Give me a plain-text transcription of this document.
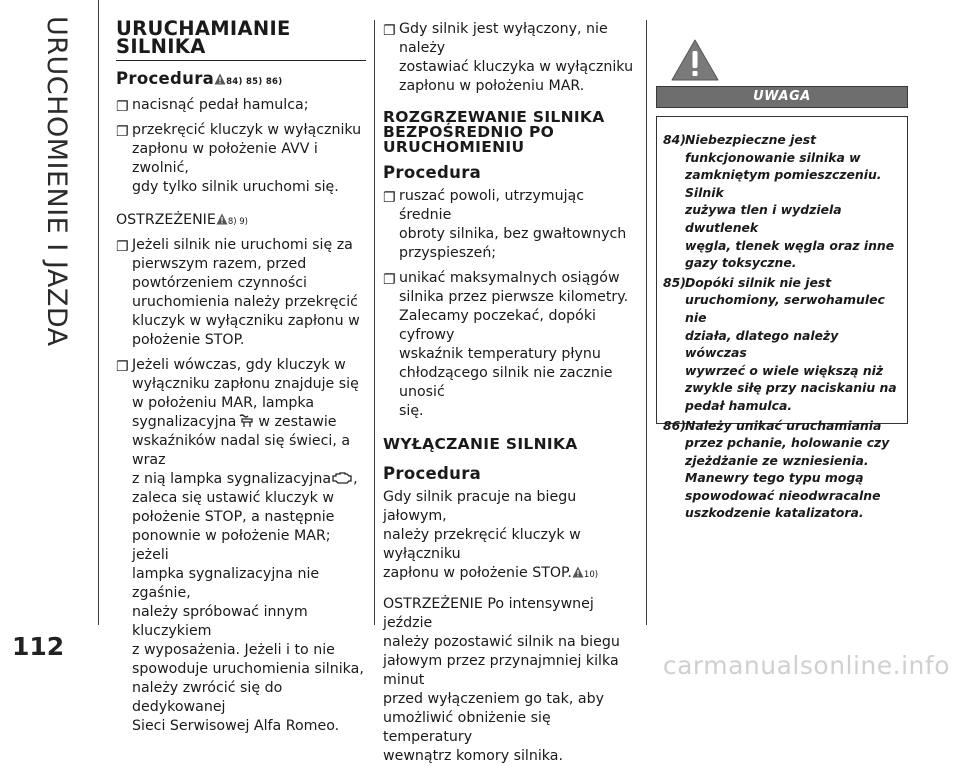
URUCHOMIENIE I JAZDA
112
URUCHAMIANIE
SILNIKA
Procedura 84) 85) 86)
❐ nacisnąć pedał hamulca;
❐ przekręcić kluczyk w wyłączniku
zapłonu w położenie AVV i zwolnić,
gdy tylko silnik uruchomi się.

OSTRZEŻENIE 8) 9)

❐ Jeżeli silnik nie uruchomi się za
pierwszym razem, przed
powtórzeniem czynności
uruchomienia należy przekręcić
kluczyk w wyłączniku zapłonu w
położenie STOP.
❐ Jeżeli wówczas, gdy kluczyk w
wyłączniku zapłonu znajduje się
w położeniu MAR, lampka
sygnalizacyjna w zestawie
wskaźników nadal się świeci, a wraz
z nią lampka sygnalizacyjna ,
zaleca się ustawić kluczyk w
położenie STOP, a następnie
ponownie w położenie MAR; jeżeli
lampka sygnalizacyjna nie zgaśnie,
należy spróbować innym kluczykiem
z wyposażenia. Jeżeli i to nie
spowoduje uruchomienia silnika,
należy zwrócić się do dedykowanej
Sieci Serwisowej Alfa Romeo.
❐ Gdy silnik jest wyłączony, nie należy
zostawiać kluczyka w wyłączniku
zapłonu w położeniu MAR.
ROZGRZEWANIE SILNIKA
BEZPOŚREDNIO PO
URUCHOMIENIU
Procedura
❐ ruszać powoli, utrzymując średnie
obroty silnika, bez gwałtownych
przyspieszeń;
❐ unikać maksymalnych osiągów
silnika przez pierwsze kilometry.
Zalecamy poczekać, dopóki cyfrowy
wskaźnik temperatury płynu
chłodzącego silnik nie zacznie unosić
się.
WYŁĄCZANIE SILNIKA
Procedura

Gdy silnik pracuje na biegu jałowym,
należy przekręcić kluczyk w wyłączniku
zapłonu w położenie STOP. 10)

OSTRZEŻENIE Po intensywnej jeździe
należy pozostawić silnik na biegu
jałowym przez przynajmniej kilka minut
przed wyłączeniem go tak, aby
umożliwić obniżenie się temperatury
wewnątrz komory silnika.

UWAGA
84) Niebezpieczne jest
funkcjonowanie silnika w
zamkniętym pomieszczeniu. Silnik
zużywa tlen i wydziela dwutlenek
węgla, tlenek węgla oraz inne
gazy toksyczne.
85) Dopóki silnik nie jest
uruchomiony, serwohamulec nie
działa, dlatego należy wówczas
wywrzeć o wiele większą niż
zwykle siłę przy naciskaniu na
pedał hamulca.
86) Należy unikać uruchamiania
przez pchanie, holowanie czy
zjeżdżanie ze wzniesienia.
Manewry tego typu mogą
spowodować nieodwracalne
uszkodzenie katalizatora.
carmanualsonline.info
